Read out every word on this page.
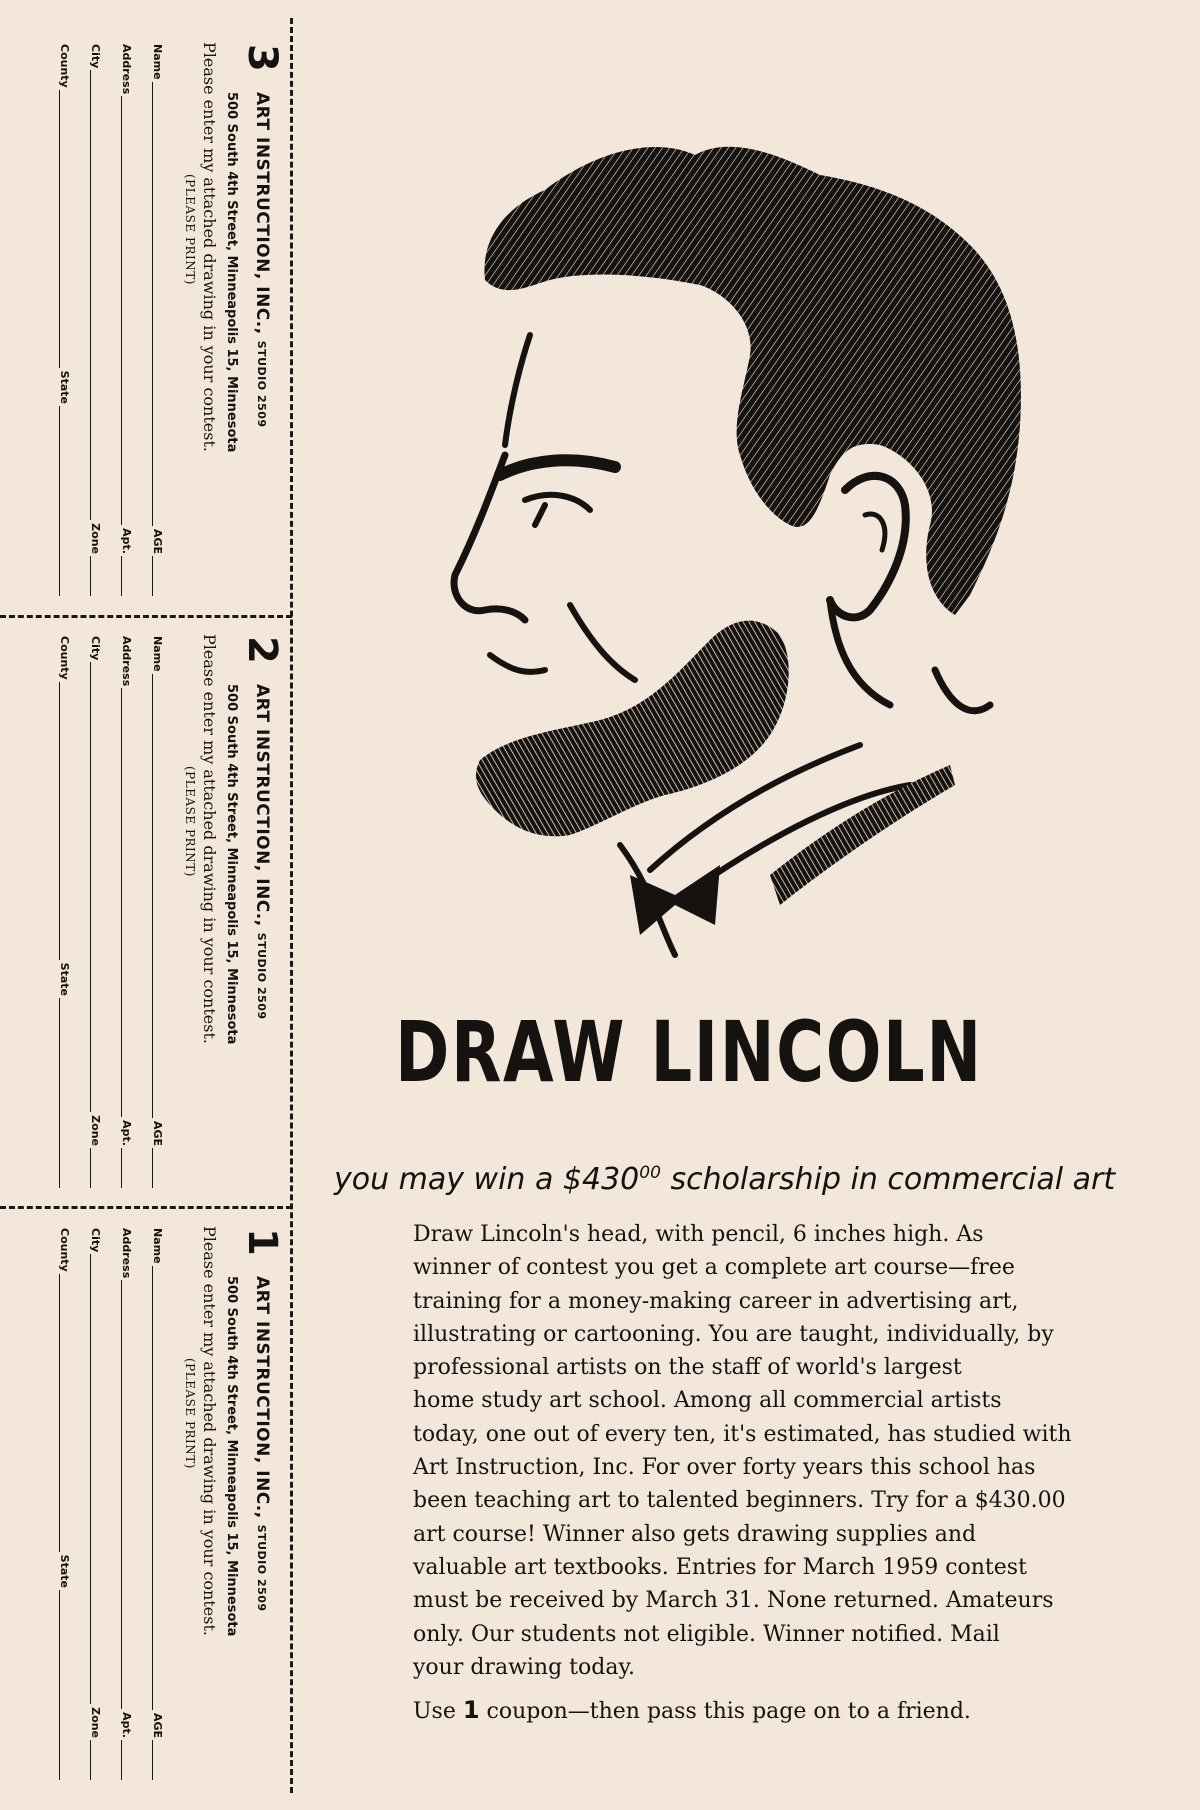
3
ART INSTRUCTION, INC.,
STUDIO 2509
500 South 4th Street, Minneapolis 15, Minnesota
Please enter my attached drawing in your contest.
(PLEASE PRINT)
Name
AGE
Address
Apt.
City
Zone
County
State
2
ART INSTRUCTION, INC.,
STUDIO 2509
500 South 4th Street, Minneapolis 15, Minnesota
Please enter my attached drawing in your contest.
(PLEASE PRINT)
Name
AGE
Address
Apt.
City
Zone
County
State
1
ART INSTRUCTION, INC.,
STUDIO 2509
500 South 4th Street, Minneapolis 15, Minnesota
Please enter my attached drawing in your contest.
(PLEASE PRINT)
Name
AGE
Address
Apt.
City
Zone
County
State
DRAW LINCOLN
you may win a $\$430^{00}$ scholarship in commercial art

Draw Lincoln's head, with pencil, 6 inches high. As
winner of contest you get a complete art course—free
training for a money-making career in advertising art,
illustrating or cartooning. You are taught, individually, by
professional artists on the staff of world's largest
home study art school. Among all commercial artists
today, one out of every ten, it's estimated, has studied with
Art Instruction, Inc. For over forty years this school has
been teaching art to talented beginners. Try for a $430.00
art course! Winner also gets drawing supplies and
valuable art textbooks. Entries for March 1959 contest
must be received by March 31. None returned. Amateurs
only. Our students not eligible. Winner notified. Mail
your drawing today.

Use 1 coupon—then pass this page on to a friend.
